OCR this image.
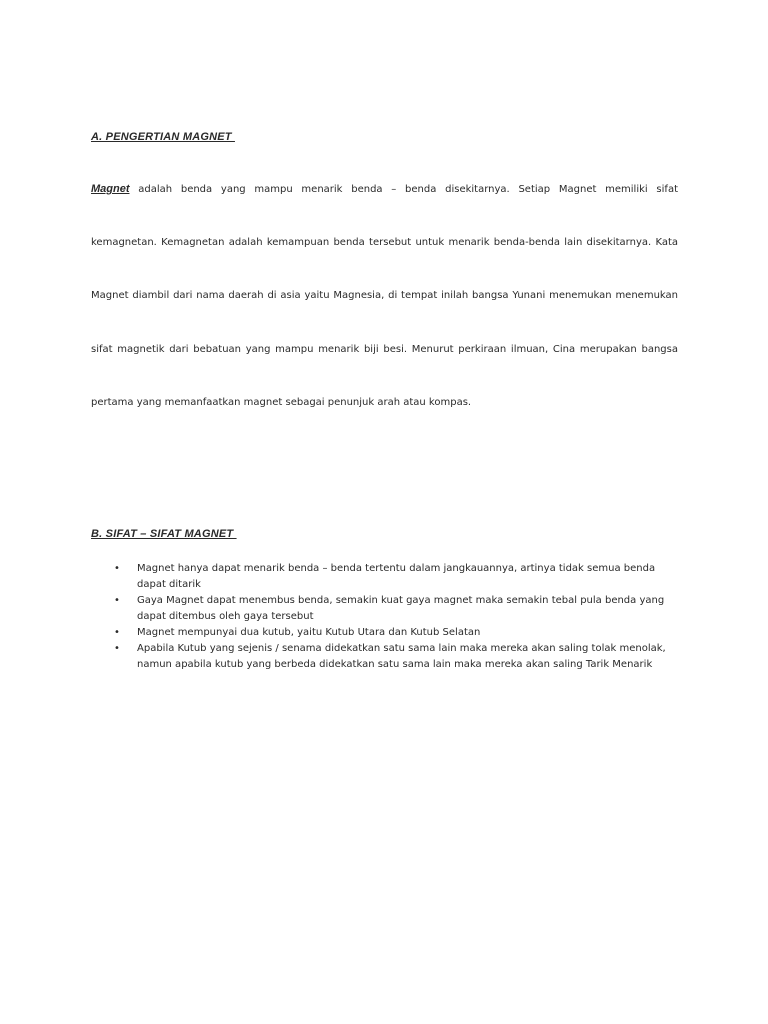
A. PENGERTIAN MAGNET
Magnet adalah benda yang mampu menarik benda – benda disekitarnya. Setiap Magnet memiliki sifat
kemagnetan. Kemagnetan adalah kemampuan benda tersebut untuk menarik benda-benda lain disekitarnya. Kata
Magnet diambil dari nama daerah di asia yaitu Magnesia, di tempat inilah bangsa Yunani menemukan menemukan
sifat magnetik dari bebatuan yang mampu menarik biji besi. Menurut perkiraan ilmuan, Cina merupakan bangsa
pertama yang memanfaatkan magnet sebagai penunjuk arah atau kompas.
B. SIFAT – SIFAT MAGNET
• Magnet hanya dapat menarik benda – benda tertentu dalam jangkauannya, artinya tidak semua benda dapat ditarik
• Gaya Magnet dapat menembus benda, semakin kuat gaya magnet maka semakin tebal pula benda yang dapat ditembus oleh gaya tersebut
• Magnet mempunyai dua kutub, yaitu Kutub Utara dan Kutub Selatan
• Apabila Kutub yang sejenis / senama didekatkan satu sama lain maka mereka akan saling tolak menolak, namun apabila kutub yang berbeda didekatkan satu sama lain maka mereka akan saling Tarik Menarik
